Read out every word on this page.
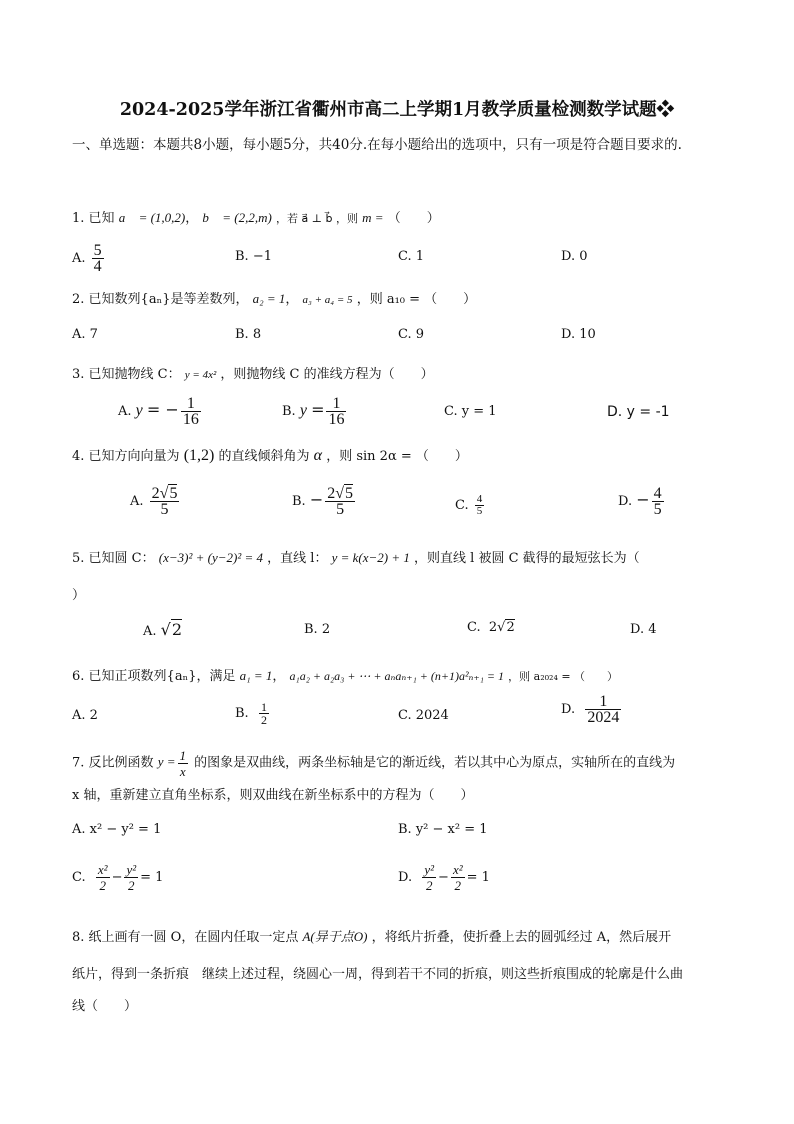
2024-2025学年浙江省衢州市高二上学期1月教学质量检测数学试题❖
一、单选题：本题共8小题，每小题5分，共40分.在每小题给出的选项中，只有一项是符合题目要求的.
1. 已知 a⃗ = (1,0,2)， b⃗ = (2,2,m) ，若 a⃗ ⊥ b⃗ ，则 m = （　　）
A. $\frac{5}{4}$	B. −1	C. 1	D. 0
2. 已知数列{aₙ}是等差数列， a₂ = 1， a₃ + a₄ = 5 ，则 a₁₀ = （　　）
A. 7	B. 8	C. 9	D. 10
3. 已知抛物线 C： y = 4x² ，则抛物线 C 的准线方程为（　　）
A. y = − $\frac{1}{16}$	B. $y = \frac{1}{16}$	C. y = 1	D. y = -1
4. 已知方向向量为 (1,2) 的直线倾斜角为 α ，则 sin 2α = （　　）
A. $\frac{2√5}{5}$	B. − $\frac{2√5}{5}$	C. $\frac{4}{5}$	D. − $\frac{4}{5}$
5. 已知圆 C： (x−3)² + (y−2)² = 4 ，直线 l： y = k(x−2) + 1 ，则直线 l 被圆 C 截得的最短弦长为（
）
A. √2	B. 2	C.  2√2	D. 4
6. 已知正项数列{aₙ}，满足 a₁ = 1， a₁a₂ + a₂a₃ + ⋯ + aₙaₙ₊₁ + (n+1)a²ₙ₊₁ = 1 ，则 a₂₀₂₄ = （　　）
A. 2	B. $\frac{1}{2}$	C. 2024	D. $\frac{1}{2024}$
7. 反比例函数 $y = \frac{1}{x}$ 的图象是双曲线，两条坐标轴是它的渐近线，若以其中心为原点，实轴所在的直线为
x 轴，重新建立直角坐标系，则双曲线在新坐标系中的方程为（　　）
A. x² − y² = 1	B. y² − x² = 1
C. $\frac{\text{x²}}{2} - \frac{\text{y²}}{2} = 1$	D. $\frac{\text{y²}}{2} - \frac{\text{x²}}{2} = 1$
8. 纸上画有一圆 O，在圆内任取一定点 A(异于点O) ，将纸片折叠，使折叠上去的圆弧经过 A，然后展开
纸片，得到一条折痕　继续上述过程，绕圆心一周，得到若干不同的折痕，则这些折痕围成的轮廓是什么曲
线（　　）
